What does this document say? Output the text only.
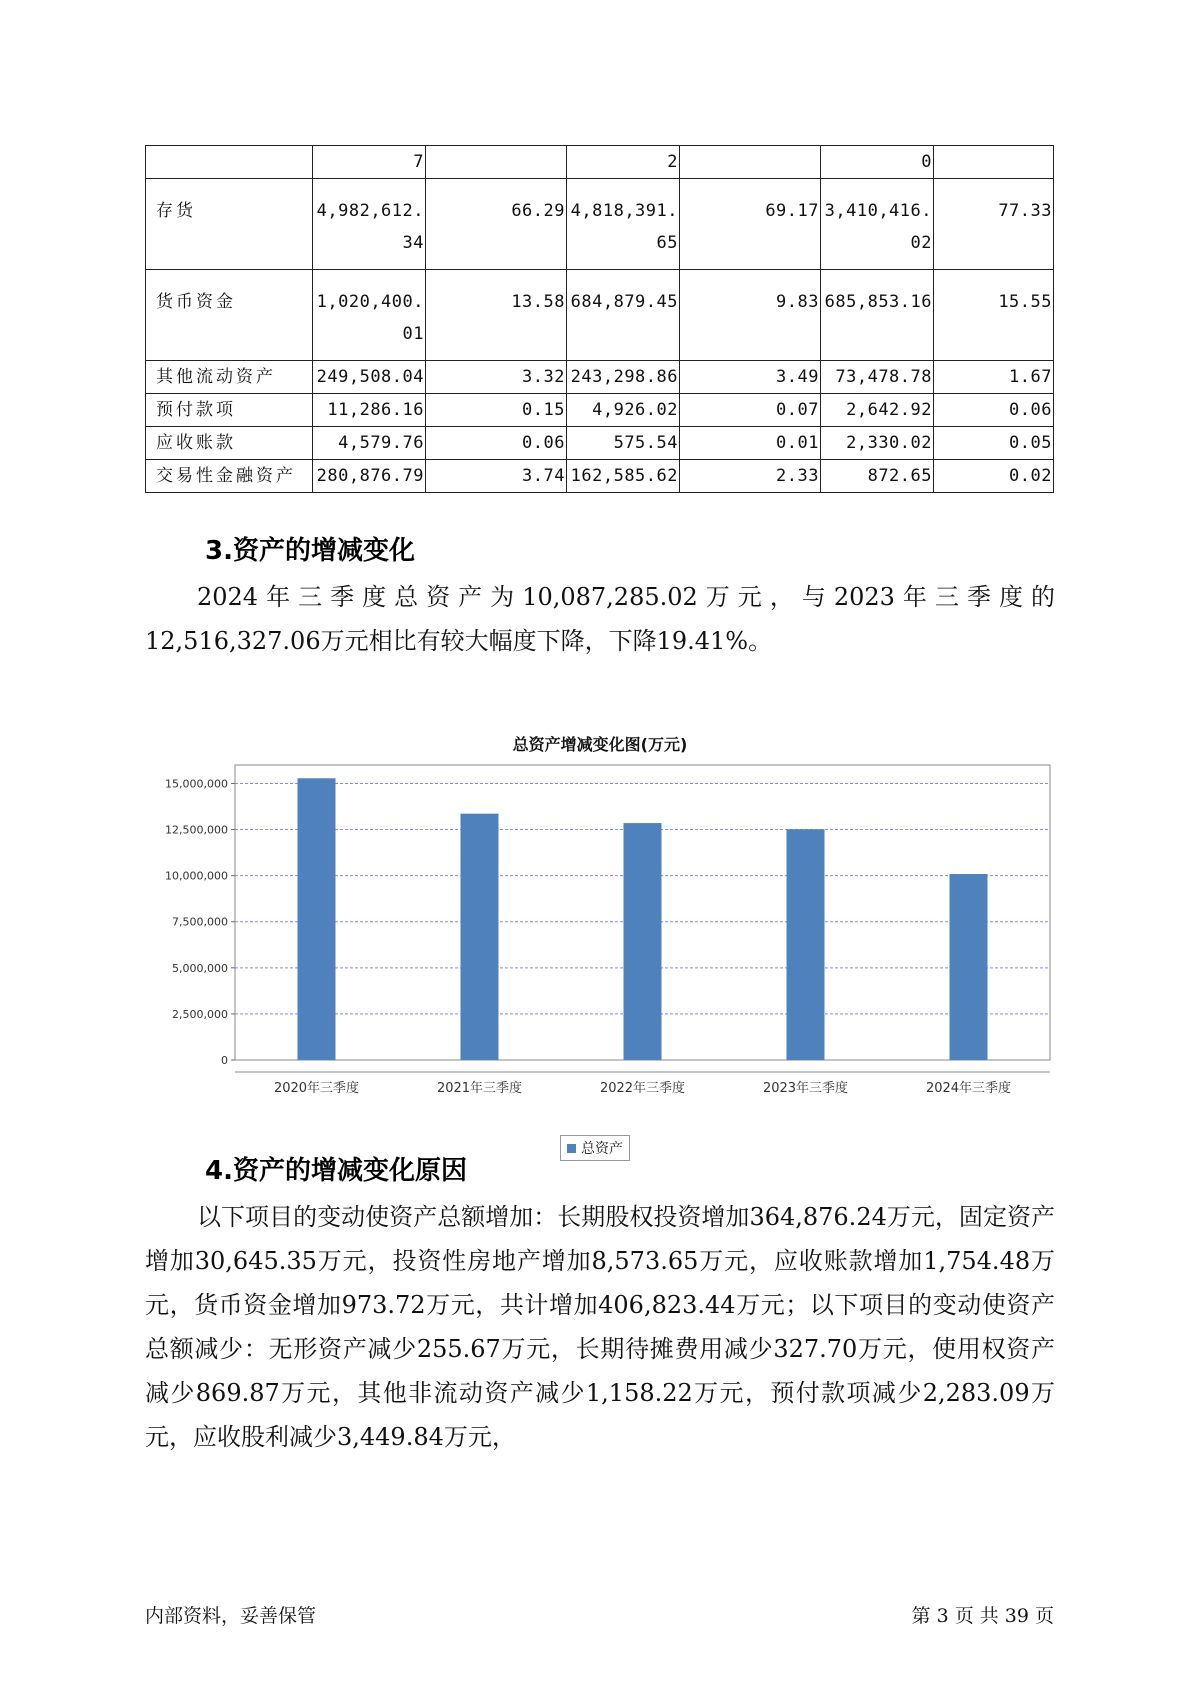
	7		2		0	
存货	4,982,612.34	66.29	4,818,391.65	69.17	3,410,416.02	77.33
货币资金	1,020,400.01	13.58	684,879.45	9.83	685,853.16	15.55
其他流动资产	249,508.04	3.32	243,298.86	3.49	73,478.78	1.67
预付款项	11,286.16	0.15	4,926.02	0.07	2,642.92	0.06
应收账款	4,579.76	0.06	575.54	0.01	2,330.02	0.05
交易性金融资产	280,876.79	3.74	162,585.62	2.33	872.65	0.02
3.资产的增减变化

2024年三季度总资产为10,087,285.02万元，与2023年三季度的12,516,327.06万元相比有较大幅度下降，下降19.41%。

总资产增减变化图(万元)
0
2,500,000
5,000,000
7,500,000
10,000,000
12,500,000
15,000,000
2020年三季度	2021年三季度	2022年三季度	2023年三季度	2024年三季度
总资产
4.资产的增减变化原因

以下项目的变动使资产总额增加：长期股权投资增加364,876.24万元，固定资产增加30,645.35万元，投资性房地产增加8,573.65万元，应收账款增加1,754.48万元，货币资金增加973.72万元，共计增加406,823.44万元；以下项目的变动使资产总额减少：无形资产减少255.67万元，长期待摊费用减少327.70万元，使用权资产减少869.87万元，其他非流动资产减少1,158.22万元，预付款项减少2,283.09万元，应收股利减少3,449.84万元，

内部资料，妥善保管	第 3 页 共 39 页
